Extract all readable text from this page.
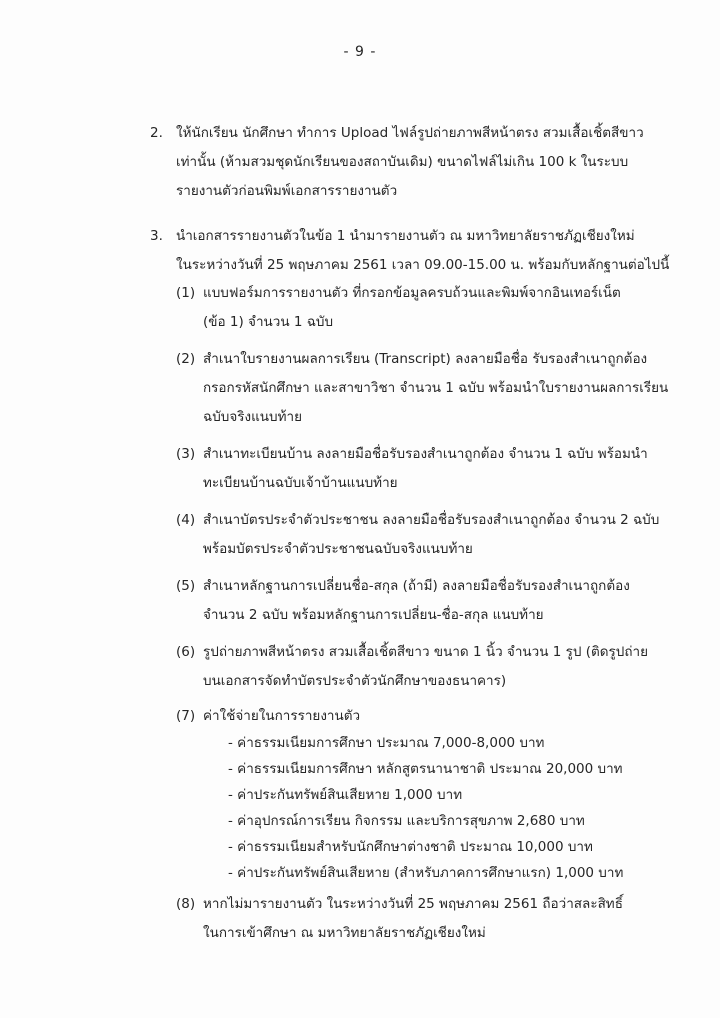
- 9 -
2. ให้นักเรียน นักศึกษา ทำการ Upload ไฟล์รูปถ่ายภาพสีหน้าตรง สวมเสื้อเชิ้ตสีขาว
เท่านั้น (ห้ามสวมชุดนักเรียนของสถาบันเดิม) ขนาดไฟล์ไม่เกิน 100 k ในระบบ
รายงานตัวก่อนพิมพ์เอกสารรายงานตัว
3. นำเอกสารรายงานตัวในข้อ 1 นำมารายงานตัว ณ มหาวิทยาลัยราชภัฏเชียงใหม่
ในระหว่างวันที่ 25 พฤษภาคม 2561 เวลา 09.00-15.00 น. พร้อมกับหลักฐานต่อไปนี้
(1) แบบฟอร์มการรายงานตัว ที่กรอกข้อมูลครบถ้วนและพิมพ์จากอินเทอร์เน็ต
(ข้อ 1) จำนวน 1 ฉบับ
(2) สำเนาใบรายงานผลการเรียน (Transcript) ลงลายมือชื่อ รับรองสำเนาถูกต้อง
กรอกรหัสนักศึกษา และสาขาวิชา จำนวน 1 ฉบับ พร้อมนำใบรายงานผลการเรียน
ฉบับจริงแนบท้าย
(3) สำเนาทะเบียนบ้าน ลงลายมือชื่อรับรองสำเนาถูกต้อง จำนวน 1 ฉบับ พร้อมนำ
ทะเบียนบ้านฉบับเจ้าบ้านแนบท้าย
(4) สำเนาบัตรประจำตัวประชาชน ลงลายมือชื่อรับรองสำเนาถูกต้อง จำนวน 2 ฉบับ
พร้อมบัตรประจำตัวประชาชนฉบับจริงแนบท้าย
(5) สำเนาหลักฐานการเปลี่ยนชื่อ-สกุล (ถ้ามี) ลงลายมือชื่อรับรองสำเนาถูกต้อง
จำนวน 2 ฉบับ พร้อมหลักฐานการเปลี่ยน-ชื่อ-สกุล แนบท้าย
(6) รูปถ่ายภาพสีหน้าตรง สวมเสื้อเชิ้ตสีขาว ขนาด 1 นิ้ว จำนวน 1 รูป (ติดรูปถ่าย
บนเอกสารจัดทำบัตรประจำตัวนักศึกษาของธนาคาร)
(7) ค่าใช้จ่ายในการรายงานตัว
- ค่าธรรมเนียมการศึกษา ประมาณ 7,000-8,000 บาท
- ค่าธรรมเนียมการศึกษา หลักสูตรนานาชาติ ประมาณ 20,000 บาท
- ค่าประกันทรัพย์สินเสียหาย 1,000 บาท
- ค่าอุปกรณ์การเรียน กิจกรรม และบริการสุขภาพ 2,680 บาท
- ค่าธรรมเนียมสำหรับนักศึกษาต่างชาติ ประมาณ 10,000 บาท
- ค่าประกันทรัพย์สินเสียหาย (สำหรับภาคการศึกษาแรก) 1,000 บาท
(8) หากไม่มารายงานตัว ในระหว่างวันที่ 25 พฤษภาคม 2561 ถือว่าสละสิทธิ์
ในการเข้าศึกษา ณ มหาวิทยาลัยราชภัฏเชียงใหม่
